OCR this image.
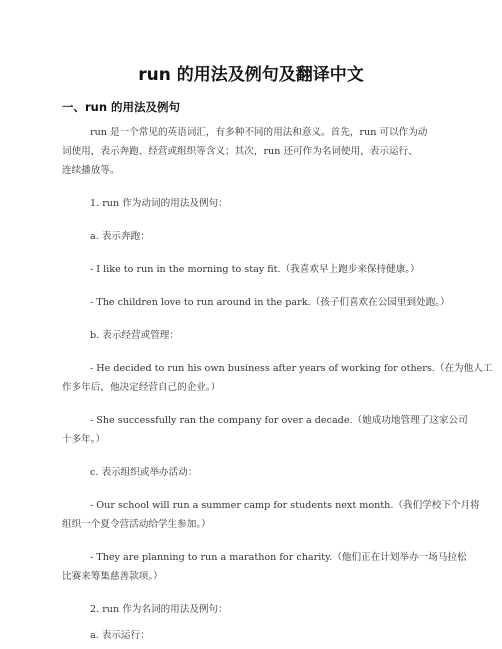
run 的用法及例句及翻译中文
一、run 的用法及例句

run 是一个常见的英语词汇，有多种不同的用法和意义。首先，run 可以作为动

词使用，表示奔跑、经营或组织等含义；其次，run 还可作为名词使用，表示运行、

连续播放等。

1. run 作为动词的用法及例句：

a. 表示奔跑：

- I like to run in the morning to stay fit.（我喜欢早上跑步来保持健康。）

- The children love to run around in the park.（孩子们喜欢在公园里到处跑。）

b. 表示经营或管理：

- He decided to run his own business after years of working for others.（在为他人工

作多年后，他决定经营自己的企业。）

- She successfully ran the company for over a decade.（她成功地管理了这家公司

十多年。）

c. 表示组织或举办活动：

- Our school will run a summer camp for students next month.（我们学校下个月将

组织一个夏令营活动给学生参加。）

- They are planning to run a marathon for charity.（他们正在计划举办一场马拉松

比赛来筹集慈善款项。）

2. run 作为名词的用法及例句：

a. 表示运行：
